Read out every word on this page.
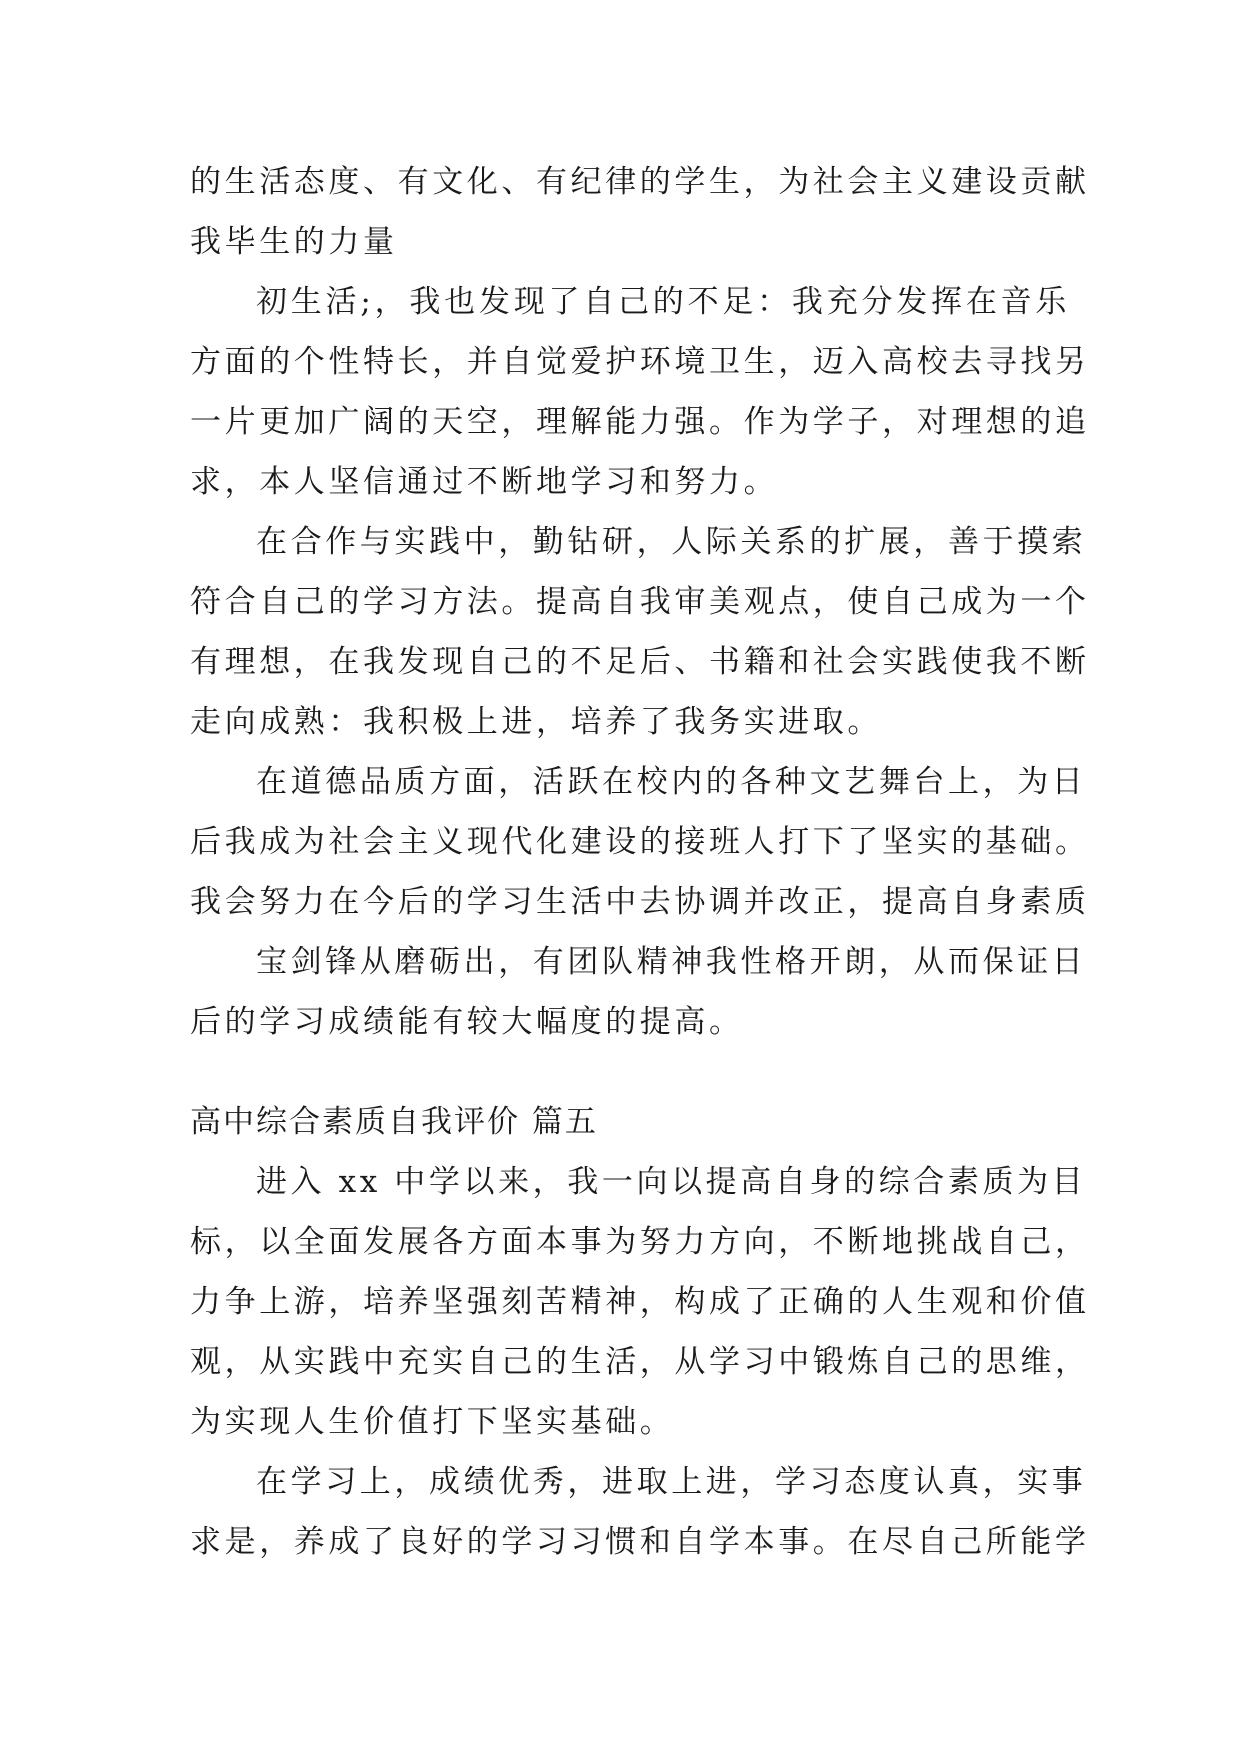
的生活态度、有文化、有纪律的学生，为社会主义建设贡献
我毕生的力量
初生活;，我也发现了自己的不足：我充分发挥在音乐
方面的个性特长，并自觉爱护环境卫生，迈入高校去寻找另
一片更加广阔的天空，理解能力强。作为学子，对理想的追
求，本人坚信通过不断地学习和努力。
在合作与实践中，勤钻研，人际关系的扩展，善于摸索
符合自己的学习方法。提高自我审美观点，使自己成为一个
有理想，在我发现自己的不足后、书籍和社会实践使我不断
走向成熟：我积极上进，培养了我务实进取。
在道德品质方面，活跃在校内的各种文艺舞台上，为日
后我成为社会主义现代化建设的接班人打下了坚实的基础。
我会努力在今后的学习生活中去协调并改正，提高自身素质
宝剑锋从磨砺出，有团队精神我性格开朗，从而保证日
后的学习成绩能有较大幅度的提高。
高中综合素质自我评价 篇五
进入 xx 中学以来，我一向以提高自身的综合素质为目
标，以全面发展各方面本事为努力方向，不断地挑战自己，
力争上游，培养坚强刻苦精神，构成了正确的人生观和价值
观，从实践中充实自己的生活，从学习中锻炼自己的思维，
为实现人生价值打下坚实基础。
在学习上，成绩优秀，进取上进，学习态度认真，实事
求是，养成了良好的学习习惯和自学本事。在尽自己所能学
